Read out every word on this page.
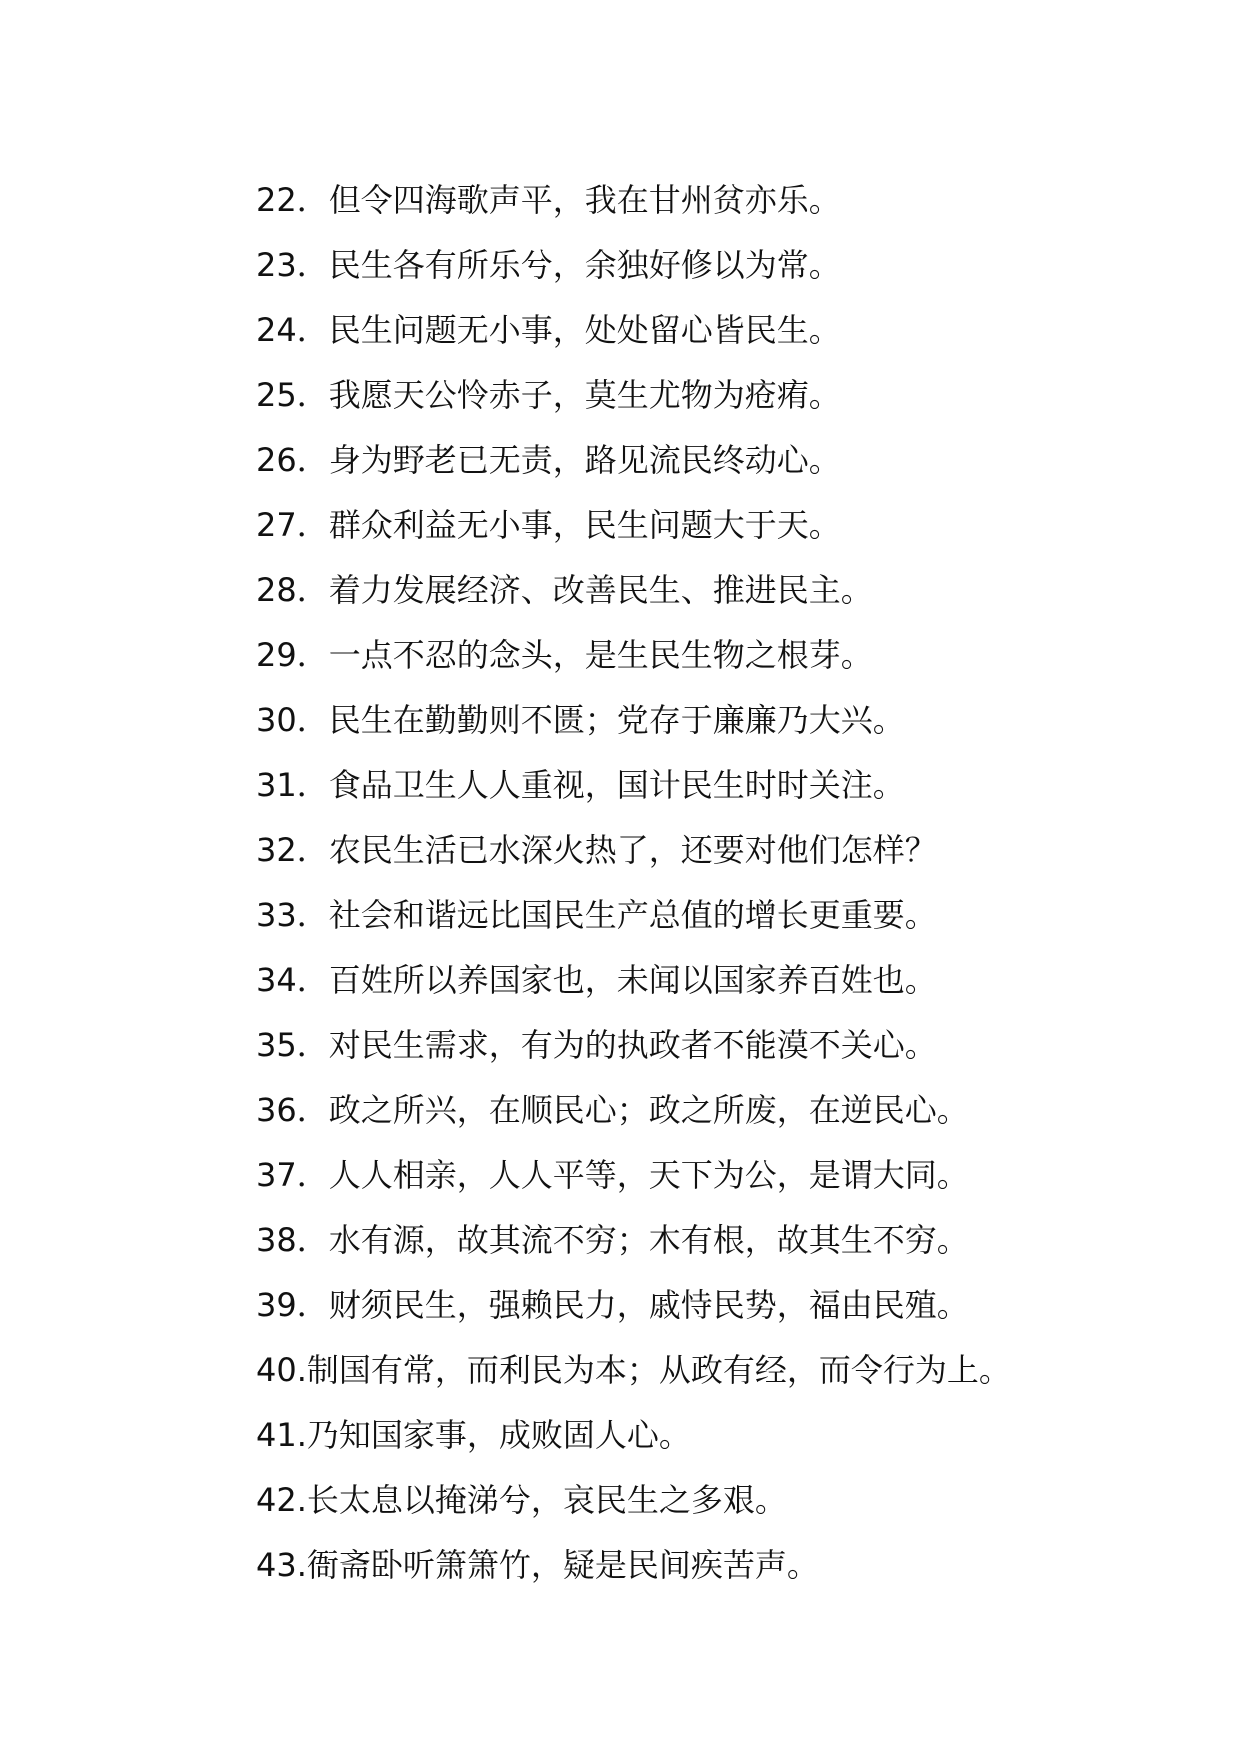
22．但令四海歌声平，我在甘州贫亦乐。
23．民生各有所乐兮，余独好修以为常。
24．民生问题无小事，处处留心皆民生。
25．我愿天公怜赤子，莫生尤物为疮痏。
26．身为野老已无责，路见流民终动心。
27．群众利益无小事，民生问题大于天。
28．着力发展经济、改善民生、推进民主。
29．一点不忍的念头，是生民生物之根芽。
30．民生在勤勤则不匮；党存于廉廉乃大兴。
31．食品卫生人人重视，国计民生时时关注。
32．农民生活已水深火热了，还要对他们怎样？
33．社会和谐远比国民生产总值的增长更重要。
34．百姓所以养国家也，未闻以国家养百姓也。
35．对民生需求，有为的执政者不能漠不关心。
36．政之所兴，在顺民心；政之所废，在逆民心。
37．人人相亲，人人平等，天下为公，是谓大同。
38．水有源，故其流不穷；木有根，故其生不穷。
39．财须民生，强赖民力，戚恃民势，福由民殖。
40.制国有常，而利民为本；从政有经，而令行为上。
41.乃知国家事，成败固人心。
42.长太息以掩涕兮，哀民生之多艰。
43.衙斋卧听箫箫竹，疑是民间疾苦声。
